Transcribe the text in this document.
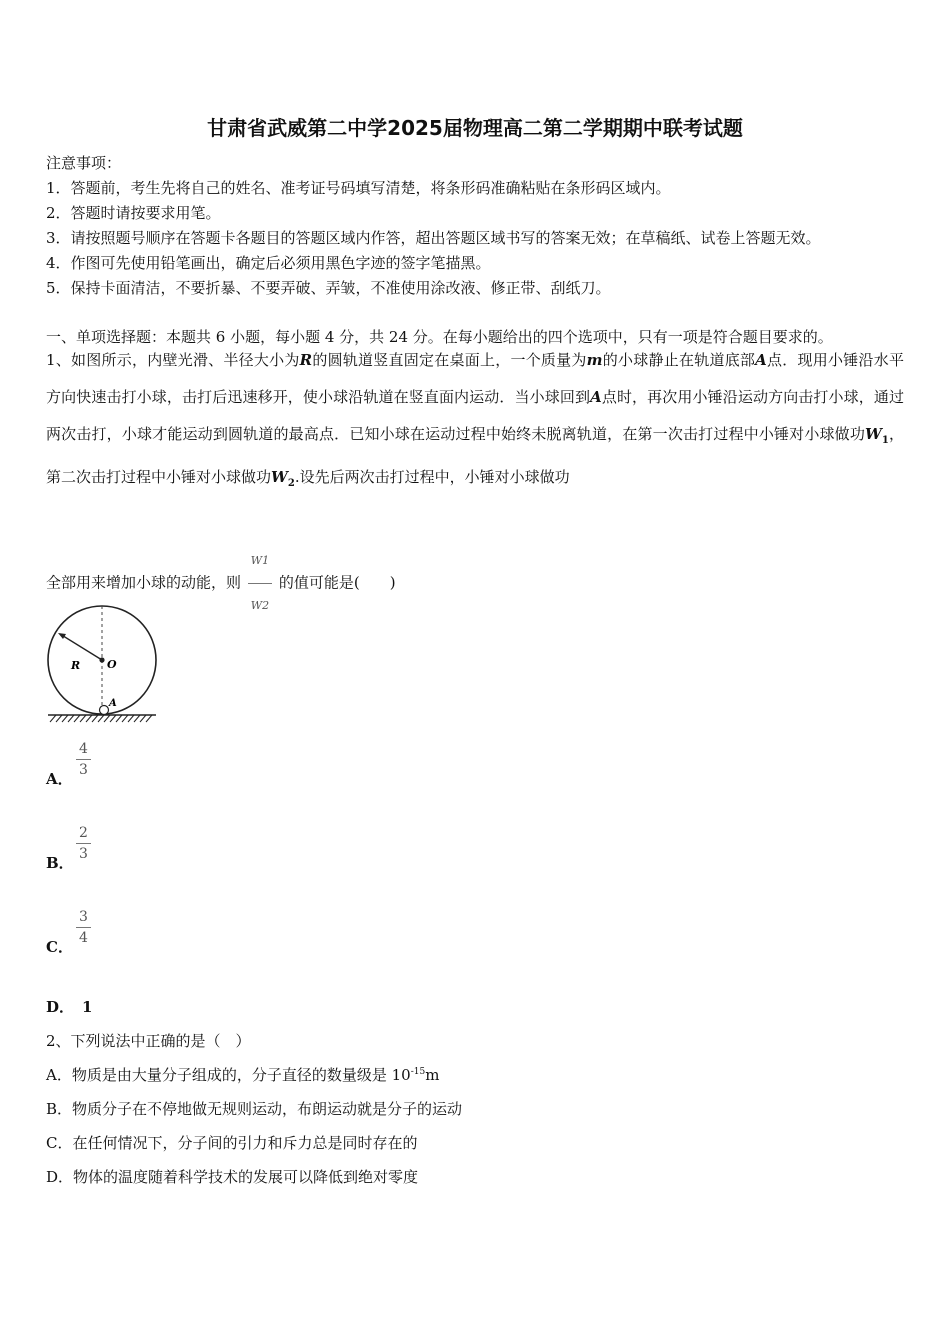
甘肃省武威第二中学2025届物理高二第二学期期中联考试题
注意事项：
1．答题前，考生先将自己的姓名、准考证号码填写清楚，将条形码准确粘贴在条形码区域内。
2．答题时请按要求用笔。
3．请按照题号顺序在答题卡各题目的答题区域内作答，超出答题区域书写的答案无效；在草稿纸、试卷上答题无效。
4．作图可先使用铅笔画出，确定后必须用黑色字迹的签字笔描黑。
5．保持卡面清洁，不要折暴、不要弄破、弄皱，不准使用涂改液、修正带、刮纸刀。
一、单项选择题：本题共 6 小题，每小题 4 分，共 24 分。在每小题给出的四个选项中，只有一项是符合题目要求的。
1、如图所示，内壁光滑、半径大小为R的圆轨道竖直固定在桌面上，一个质量为m的小球静止在轨道底部A点．现用小锤沿水平方向快速击打小球，击打后迅速移开，使小球沿轨道在竖直面内运动．当小球回到A点时，再次用小锤沿运动方向击打小球，通过两次击打，小球才能运动到圆轨道的最高点．已知小球在运动过程中始终未脱离轨道，在第一次击打过程中小锤对小球做功$W_1$，第二次击打过程中小锤对小球做功$W_2$.设先后两次击打过程中，小锤对小球做功
全部用来增加小球的动能，则 $\frac{W1}{W2}$ 的值可能是(　　)
R O
A
A．
$\frac{4}{3}$
B．
$\frac{2}{3}$
C．
$\frac{3}{4}$
D． 1
2、下列说法中正确的是（　）
A．物质是由大量分子组成的，分子直径的数量级是 $10^{-15}m$
B．物质分子在不停地做无规则运动，布朗运动就是分子的运动
C．在任何情况下，分子间的引力和斥力总是同时存在的
D．物体的温度随着科学技术的发展可以降低到绝对零度
